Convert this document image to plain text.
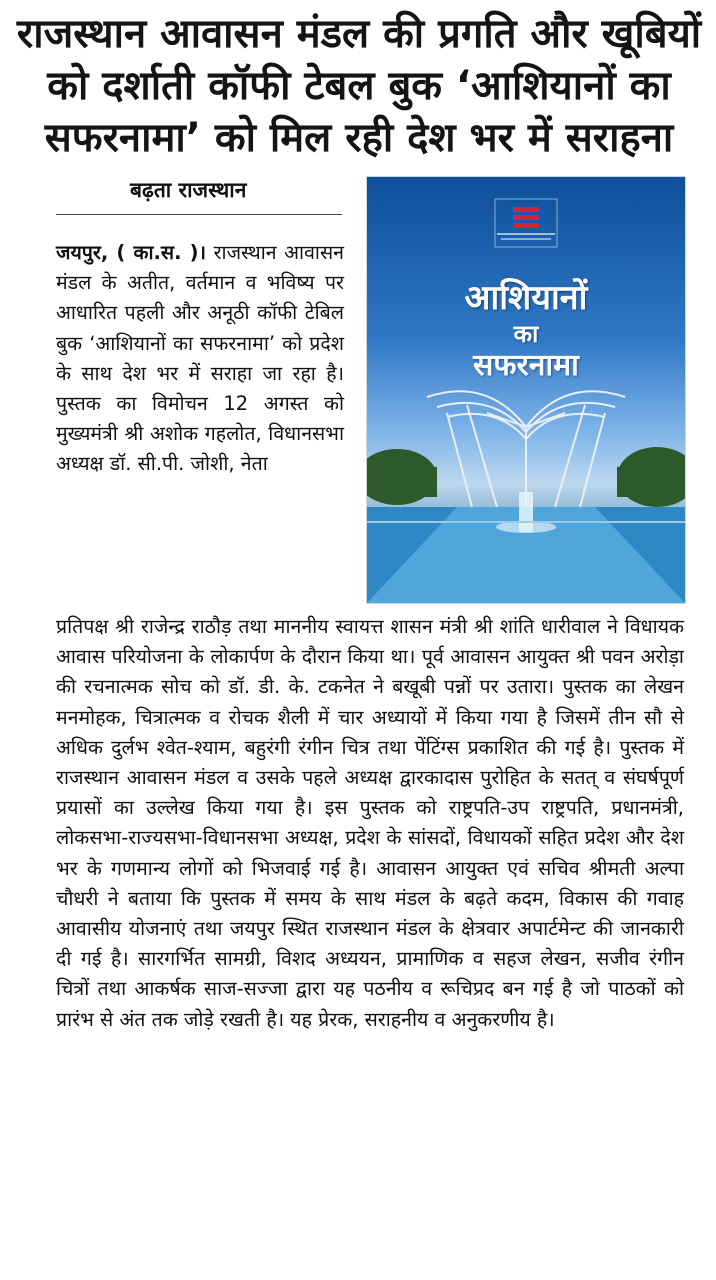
राजस्थान आवासन मंडल की प्रगति और खूबियों को दर्शाती कॉफी टेबल बुक ‘आशियानों का सफरनामा’ को मिल रही देश भर में सराहना
बढ़ता राजस्थान

जयपुर, ( का.स. )। राजस्थान आवासन मंडल के अतीत, वर्तमान व भविष्य पर आधारित पहली और अनूठी कॉफी टेबिल बुक ‘आशियानों का सफरनामा’ को प्रदेश के साथ देश भर में सराहा जा रहा है। पुस्तक का विमोचन 12 अगस्त को मुख्यमंत्री श्री अशोक गहलोत, विधानसभा अध्यक्ष डॉ. सी.पी. जोशी, नेता

आशियानों
का
सफरनामा

प्रतिपक्ष श्री राजेन्द्र राठौड़ तथा माननीय स्वायत्त शासन मंत्री श्री शांति धारीवाल ने विधायक आवास परियोजना के लोकार्पण के दौरान किया था। पूर्व आवासन आयुक्त श्री पवन अरोड़ा की रचनात्मक सोच को डॉ. डी. के. टकनेत ने बखूबी पन्नों पर उतारा। पुस्तक का लेखन मनमोहक, चित्रात्मक व रोचक शैली में चार अध्यायों में किया गया है जिसमें तीन सौ से अधिक दुर्लभ श्वेत-श्याम, बहुरंगी रंगीन चित्र तथा पेंटिंग्स प्रकाशित की गई है। पुस्तक में राजस्थान आवासन मंडल व उसके पहले अध्यक्ष द्वारकादास पुरोहित के सतत् व संघर्षपूर्ण प्रयासों का उल्लेख किया गया है। इस पुस्तक को राष्ट्रपति-उप राष्ट्रपति, प्रधानमंत्री, लोकसभा-राज्यसभा-विधानसभा अध्यक्ष, प्रदेश के सांसदों, विधायकों सहित प्रदेश और देश भर के गणमान्य लोगों को भिजवाई गई है। आवासन आयुक्त एवं सचिव श्रीमती अल्पा चौधरी ने बताया कि पुस्तक में समय के साथ मंडल के बढ़ते कदम, विकास की गवाह आवासीय योजनाएं तथा जयपुर स्थित राजस्थान मंडल के क्षेत्रवार अपार्टमेन्ट की जानकारी दी गई है। सारगर्भित सामग्री, विशद अध्ययन, प्रामाणिक व सहज लेखन, सजीव रंगीन चित्रों तथा आकर्षक साज-सज्जा द्वारा यह पठनीय व रूचिप्रद बन गई है जो पाठकों को प्रारंभ से अंत तक जोड़े रखती है। यह प्रेरक, सराहनीय व अनुकरणीय है।
